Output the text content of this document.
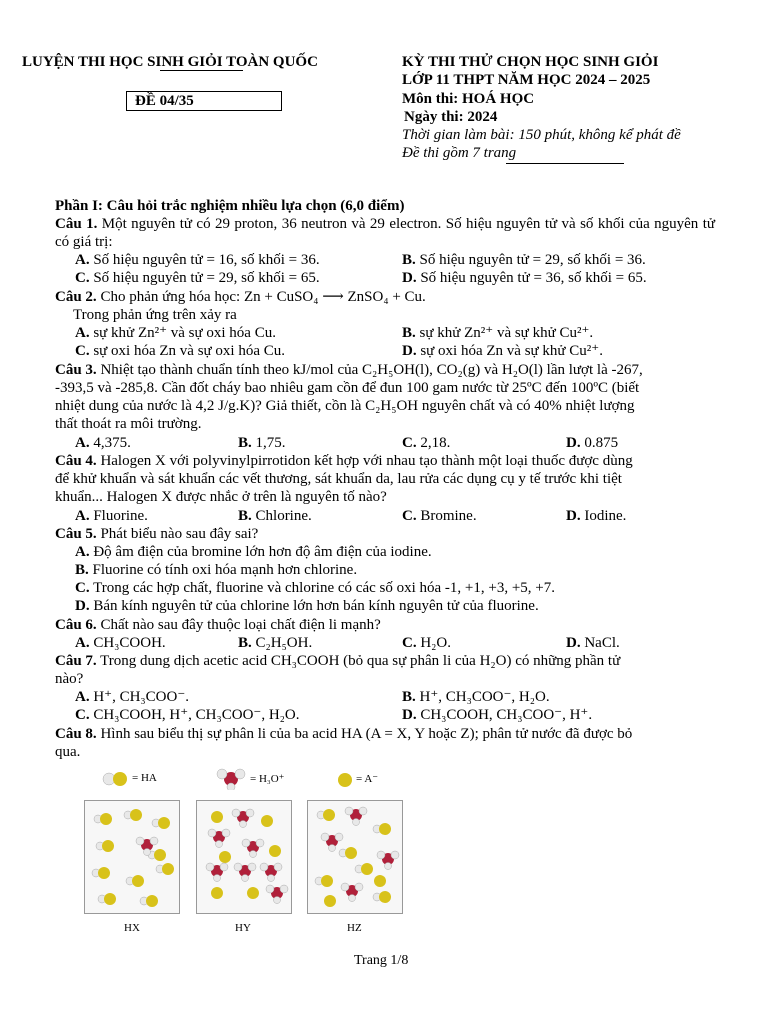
LUYỆN THI HỌC SINH GIỎI TOÀN QUỐC
ĐỀ 04/35
KỲ THI THỬ CHỌN HỌC SINH GIỎI
LỚP 11 THPT NĂM HỌC 2024 – 2025
Môn thi: HOÁ HỌC
Ngày thi: 2024
Thời gian làm bài: 150 phút, không kể phát đề
Đề thi gồm 7 trang
Phần I: Câu hỏi trắc nghiệm nhiều lựa chọn (6,0 điểm)
Câu 1. Một nguyên tử có 29 proton, 36 neutron và 29 electron. Số hiệu nguyên tử và số khối của nguyên tử có giá trị:
A. Số hiệu nguyên tử = 16, số khối = 36.	B. Số hiệu nguyên tử = 29, số khối = 36.
C. Số hiệu nguyên tử = 29, số khối = 65.	D. Số hiệu nguyên tử = 36, số khối = 65.
Câu 2. Cho phản ứng hóa học: Zn + CuSO₄ ⟶ ZnSO₄ + Cu.
Trong phản ứng trên xảy ra
A. sự khử Zn²⁺ và sự oxi hóa Cu.	B. sự khử Zn²⁺ và sự khử Cu²⁺.
C. sự oxi hóa Zn và sự oxi hóa Cu.	D. sự oxi hóa Zn và sự khử Cu²⁺.
Câu 3. Nhiệt tạo thành chuẩn tính theo kJ/mol của C₂H₅OH(l), CO₂(g) và H₂O(l) lần lượt là -267,
-393,5 và -285,8. Cần đốt cháy bao nhiêu gam cồn để đun 100 gam nước từ 25ºC đến 100ºC (biết
nhiệt dung của nước là 4,2 J/g.K)? Giả thiết, cồn là C₂H₅OH nguyên chất và có 40% nhiệt lượng
thất thoát ra môi trường.
A. 4,375.	B. 1,75.	C. 2,18.	D. 0.875
Câu 4. Halogen X với polyvinylpirrotidon kết hợp với nhau tạo thành một loại thuốc được dùng
để khử khuẩn và sát khuẩn các vết thương, sát khuẩn da, lau rửa các dụng cụ y tế trước khi tiệt
khuẩn... Halogen X được nhắc ở trên là nguyên tố nào?
A. Fluorine.	B. Chlorine.	C. Bromine.	D. Iodine.
Câu 5. Phát biểu nào sau đây sai?
A. Độ âm điện của bromine lớn hơn độ âm điện của iodine.
B. Fluorine có tính oxi hóa mạnh hơn chlorine.
C. Trong các hợp chất, fluorine và chlorine có các số oxi hóa -1, +1, +3, +5, +7.
D. Bán kính nguyên tử của chlorine lớn hơn bán kính nguyên tử của fluorine.
Câu 6. Chất nào sau đây thuộc loại chất điện li mạnh?
A. CH₃COOH.	B. C₂H₅OH.	C. H₂O.	D. NaCl.
Câu 7. Trong dung dịch acetic acid CH₃COOH (bỏ qua sự phân li của H₂O) có những phần tử
nào?
A. H⁺, CH₃COO⁻.	B. H⁺, CH₃COO⁻, H₂O.
C. CH₃COOH, H⁺, CH₃COO⁻, H₂O.	D. CH₃COOH, CH₃COO⁻, H⁺.
Câu 8. Hình sau biểu thị sự phân li của ba acid HA (A = X, Y hoặc Z); phân tử nước đã được bỏ
qua.
= HA	= H₃O⁺	= A⁻
HX	HY	HZ
Trang 1/8
